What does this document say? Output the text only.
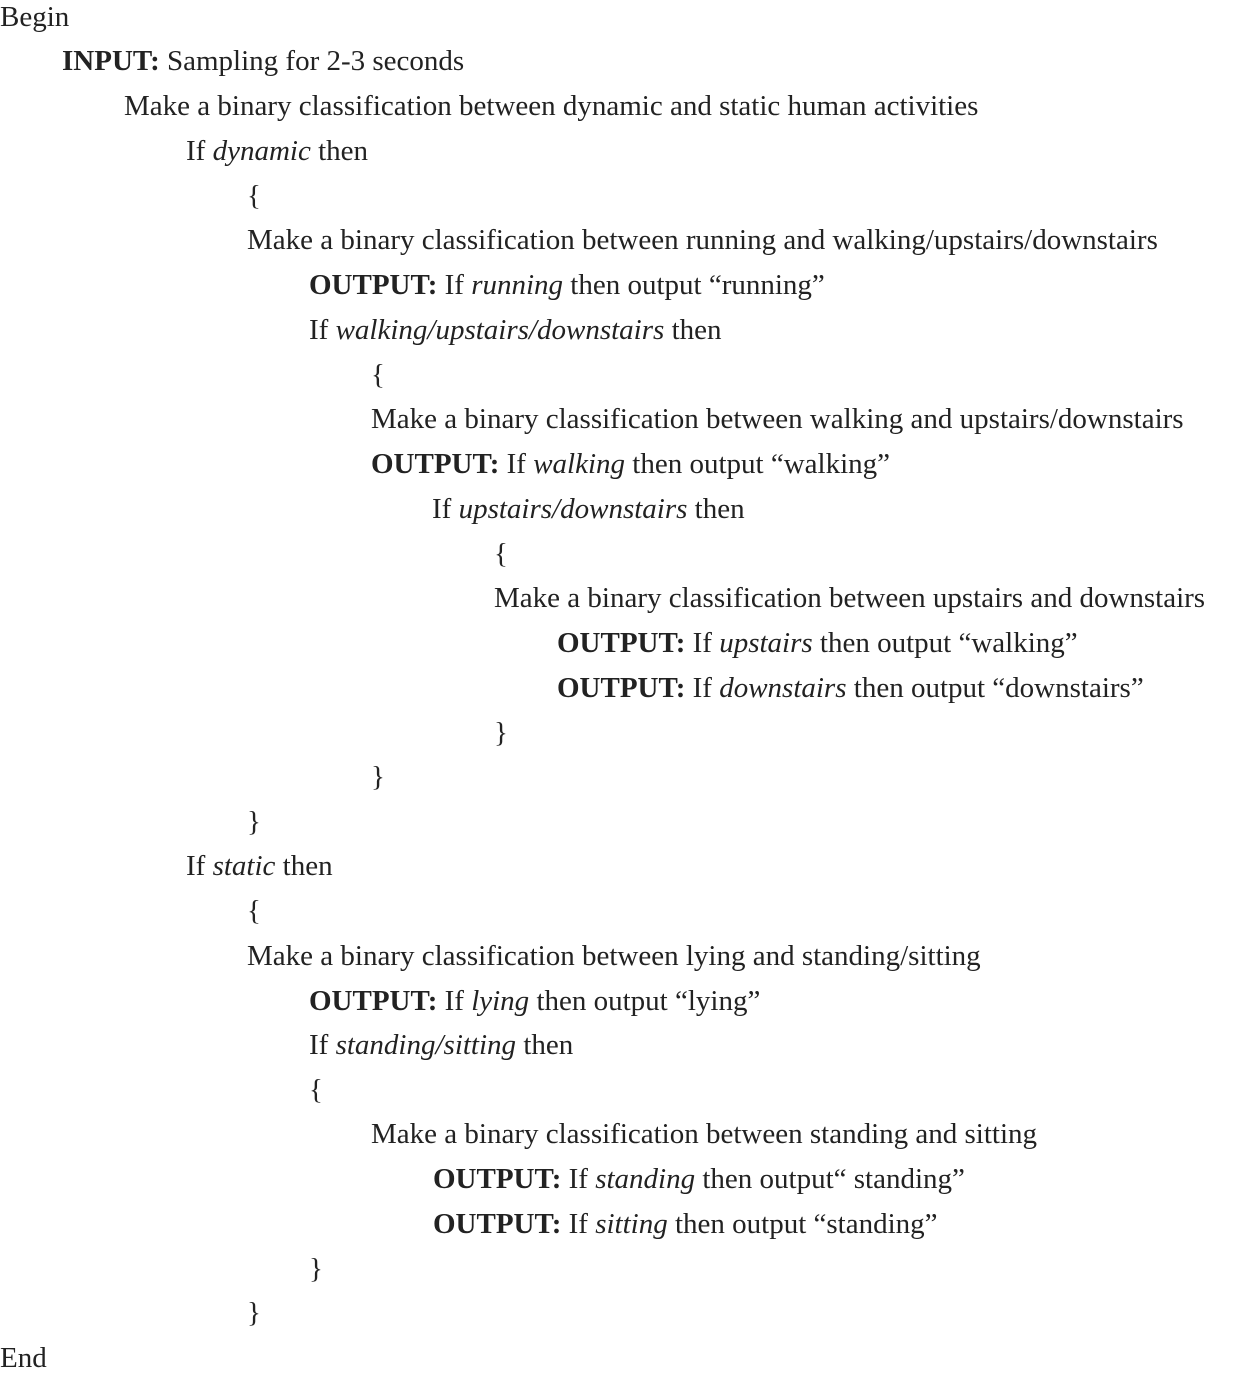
Begin
INPUT: Sampling for 2-3 seconds
Make a binary classification between dynamic and static human activities
If dynamic then
{
Make a binary classification between running and walking/upstairs/downstairs
OUTPUT: If running then output “running”
If walking/upstairs/downstairs then
{
Make a binary classification between walking and upstairs/downstairs
OUTPUT: If walking then output “walking”
If upstairs/downstairs then
{
Make a binary classification between upstairs and downstairs
OUTPUT: If upstairs then output “walking”
OUTPUT: If downstairs then output “downstairs”
}
}
}
If static then
{
Make a binary classification between lying and standing/sitting
OUTPUT: If lying then output “lying”
If standing/sitting then
{
Make a binary classification between standing and sitting
OUTPUT: If standing then output“ standing”
OUTPUT: If sitting then output “standing”
}
}
End
